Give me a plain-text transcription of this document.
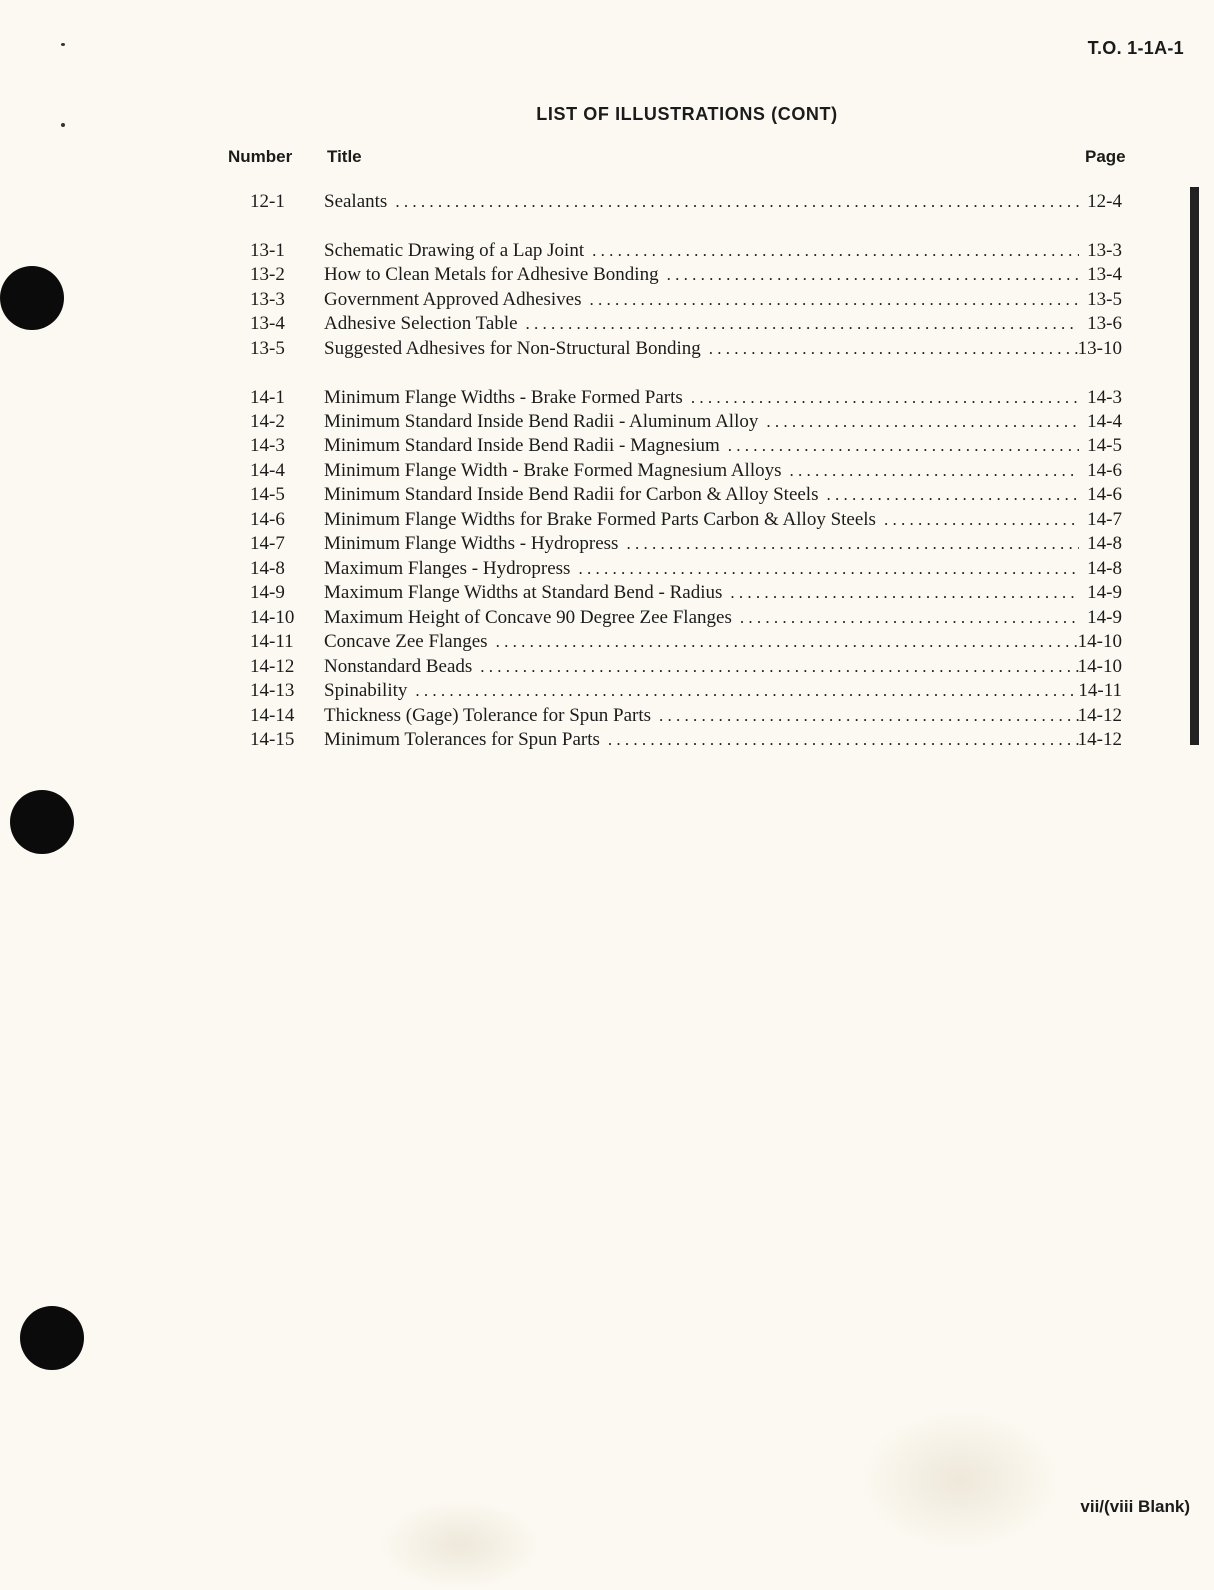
T.O. 1-1A-1
LIST OF ILLUSTRATIONS (CONT)
Number Title	Page
12-1	Sealants . . .	12-4
13-1	Schematic Drawing of a Lap Joint . . .	13-3
13-2	How to Clean Metals for Adhesive Bonding . . .	13-4
13-3	Government Approved Adhesives . . .	13-5
13-4	Adhesive Selection Table . . .	13-6
13-5	Suggested Adhesives for Non-Structural Bonding . . .	13-10
14-1	Minimum Flange Widths - Brake Formed Parts . . .	14-3
14-2	Minimum Standard Inside Bend Radii - Aluminum Alloy . . .	14-4
14-3	Minimum Standard Inside Bend Radii - Magnesium . . .	14-5
14-4	Minimum Flange Width - Brake Formed Magnesium Alloys . . .	14-6
14-5	Minimum Standard Inside Bend Radii for Carbon & Alloy Steels . . .	14-6
14-6	Minimum Flange Widths for Brake Formed Parts Carbon & Alloy Steels . . .	14-7
14-7	Minimum Flange Widths - Hydropress . . .	14-8
14-8	Maximum Flanges - Hydropress . . .	14-8
14-9	Maximum Flange Widths at Standard Bend - Radius . . .	14-9
14-10	Maximum Height of Concave 90 Degree Zee Flanges . . .	14-9
14-11	Concave Zee Flanges . . .	14-10
14-12	Nonstandard Beads . . .	14-10
14-13	Spinability . . .	14-11
14-14	Thickness (Gage) Tolerance for Spun Parts . . .	14-12
14-15	Minimum Tolerances for Spun Parts . . .	14-12
vii/(viii Blank)
